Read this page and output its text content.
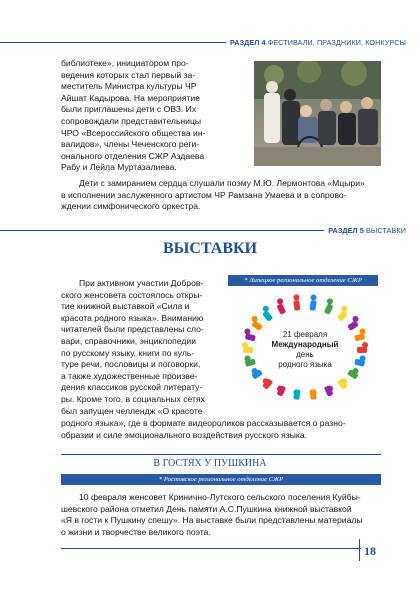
РАЗДЕЛ 4 ФЕСТИВАЛИ, ПРАЗДНИКИ, КОНКУРСЫ
библиотеке», инициатором про-
ведения которых стал первый за-
меститель Министра культуры ЧР
Айшат Кадырова. На мероприятие
были приглашены дети с ОВЗ. Их
сопровождали представительницы
ЧРО «Всероссийского общества ин-
валидов», члены Чеченского реги-
онального отделения СЖР Аздаева
Рабу и Лейла Муртазалиева.
Дети с замиранием сердца слушали поэму М.Ю. Лермонтова «Мцыри»
в исполнении заслуженного артистом ЧР Рамзана Умаева и в сопрово-
ждении симфонического оркестра.
РАЗДЕЛ 5 ВЫСТАВКИ
ВЫСТАВКИ
* Липецкое региональное отделение СЖР
21 февраля
Международный
день
родного языка
При активном участии Добров-
ского женсовета состоялось откры-
тие книжной выставкой «Сила и
красота родного языка». Вниманию
читателей были представлены сло-
вари, справочники, энциклопедии
по русскому языку, книги по куль-
туре речи, пословицы и поговорки,
а также художественные произве-
дения классиков русской литерату-
ры. Кроме того, в социальных сетях
был запущен челлендж «О красоте
родного языка», где в формате видеороликов рассказывается о разно-
образии и силе эмоционального воздействия русского языка.
В ГОСТЯХ У ПУШКИНА
* Ростовское региональное отделение СЖР
10 февраля женсовет Кринично-Лутского сельского поселения Куйбы-
шевского района отметил День памяти А.С.Пушкина книжной выставкой
«Я в гости к Пушкину спешу». На выставке были представлены материалы
о жизни и творчестве великого поэта.
18
